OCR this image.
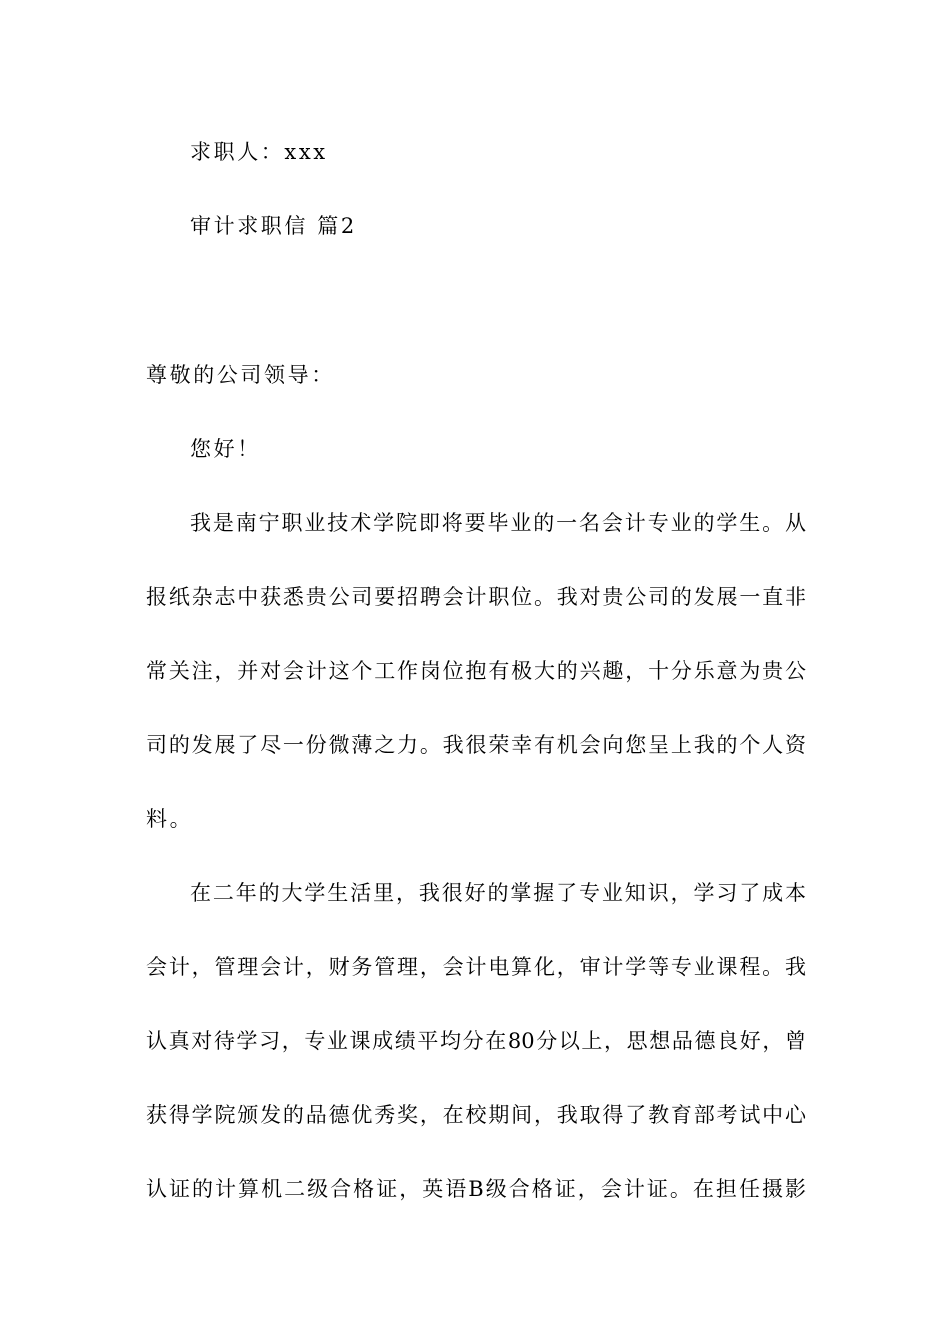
求职人：xxx

审计求职信 篇2

尊敬的公司领导：

您好！

我是南宁职业技术学院即将要毕业的一名会计专业的学生。从

报纸杂志中获悉贵公司要招聘会计职位。我对贵公司的发展一直非

常关注，并对会计这个工作岗位抱有极大的兴趣，十分乐意为贵公

司的发展了尽一份微薄之力。我很荣幸有机会向您呈上我的个人资

料。

在二年的大学生活里，我很好的掌握了专业知识，学习了成本

会计，管理会计，财务管理，会计电算化，审计学等专业课程。我

认真对待学习，专业课成绩平均分在80分以上，思想品德良好，曾

获得学院颁发的品德优秀奖，在校期间，我取得了教育部考试中心

认证的计算机二级合格证，英语B级合格证，会计证。在担任摄影
